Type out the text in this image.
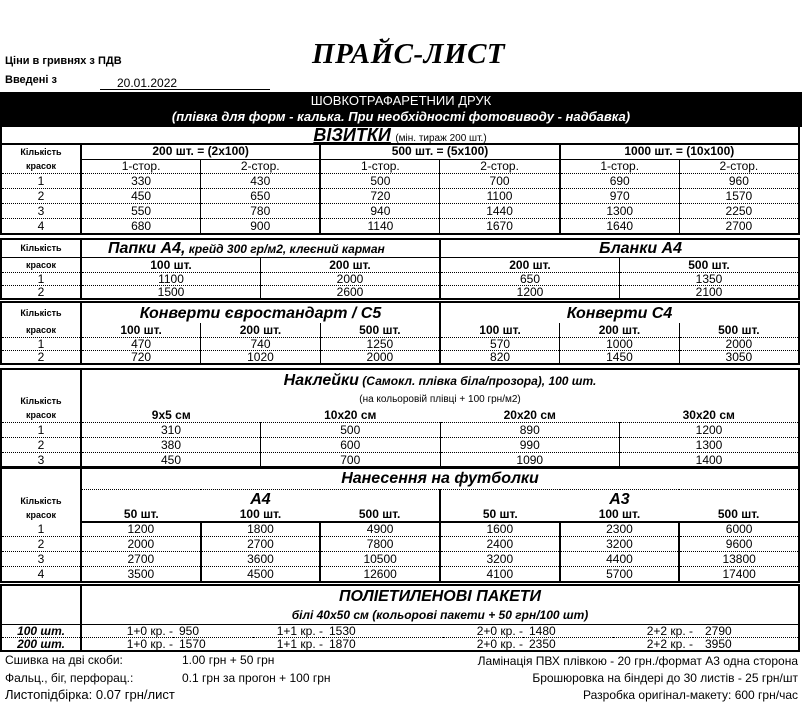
Ціни в гривнях з ПДВ
Введені з	20.01.2022
ПРАЙС-ЛИСТ
ШОВКОТРАФАРЕТНИИ ДРУК
(плівка для форм - калька. При необхідності фотовиводу - надбавка)
ВІЗИТКИ (мін. тираж 200 шт.)
Кількість	200 шт. = (2x100)		500 шт. = (5x100)		1000 шт. = (10x100)	
красок	1-стор.	2-стор.	1-стор.	2-стор.	1-стор.	2-стор.
1	330	430	500	700	690	960
2	450	650	720	1100	970	1570
3	550	780	940	1440	1300	2250
4	680	900	1140	1670	1640	2700
Кількість	Папки А4, крейд 300 гр/м2, клеєний карман		Бланки А4	
красок	100 шт.	200 шт.	200 шт.	500 шт.
1	1100	2000	650	1350
2	1500	2600	1200	2100
Кількість	Конверти євростандарт / С5			Конверти С4		
красок	100 шт.	200 шт.	500 шт.	100 шт.	200 шт.	500 шт.
1	470	740	1250	570	1000	2000
2	720	1020	2000	820	1450	3050
Кількість	Наклейки (Самокл. плівка біла/прозора), 100 шт.			
	(на кольоровій плівці + 100 грн/м2)			
красок	9x5 см	10x20 см	20x20 см	30x20 см
1	310	500	890	1200
2	380	600	990	1300
3	450	700	1090	1400
Кількість	Нанесення на футболки					
	А4			А3		
красок	50 шт.	100 шт.	500 шт.	50 шт.	100 шт.	500 шт.
1	1200	1800	4900	1600	2300	6000
2	2000	2700	7800	2400	3200	9600
3	2700	3600	10500	3200	4400	13800
4	3500	4500	12600	4100	5700	17400
	ПОЛІЕТИЛЕНОВІ ПАКЕТИ							
	білі 40x50 см (кольорові пакети + 50 грн/100 шт)							
100 шт.	1+0 кр. -	950	1+1 кр. -	1530	2+0 кр. -	1480	2+2 кр. -	2790
200 шт.	1+0 кр. -	1570	1+1 кр. -	1870	2+0 кр. -	2350	2+2 кр. -	3950
Сшивка на дві скоби:	1.00 грн + 50 грн	Ламінація ПВХ плівкою - 20 грн./формат А3 одна сторона
Фальц., біг, перфорац.:	0.1 грн за прогон + 100 грн	Брошюровка на біндері до 30 листів - 25 грн/шт
Листопідбірка: 0.07 грн/лист	Разробка оригінал-макету: 600 грн/час
